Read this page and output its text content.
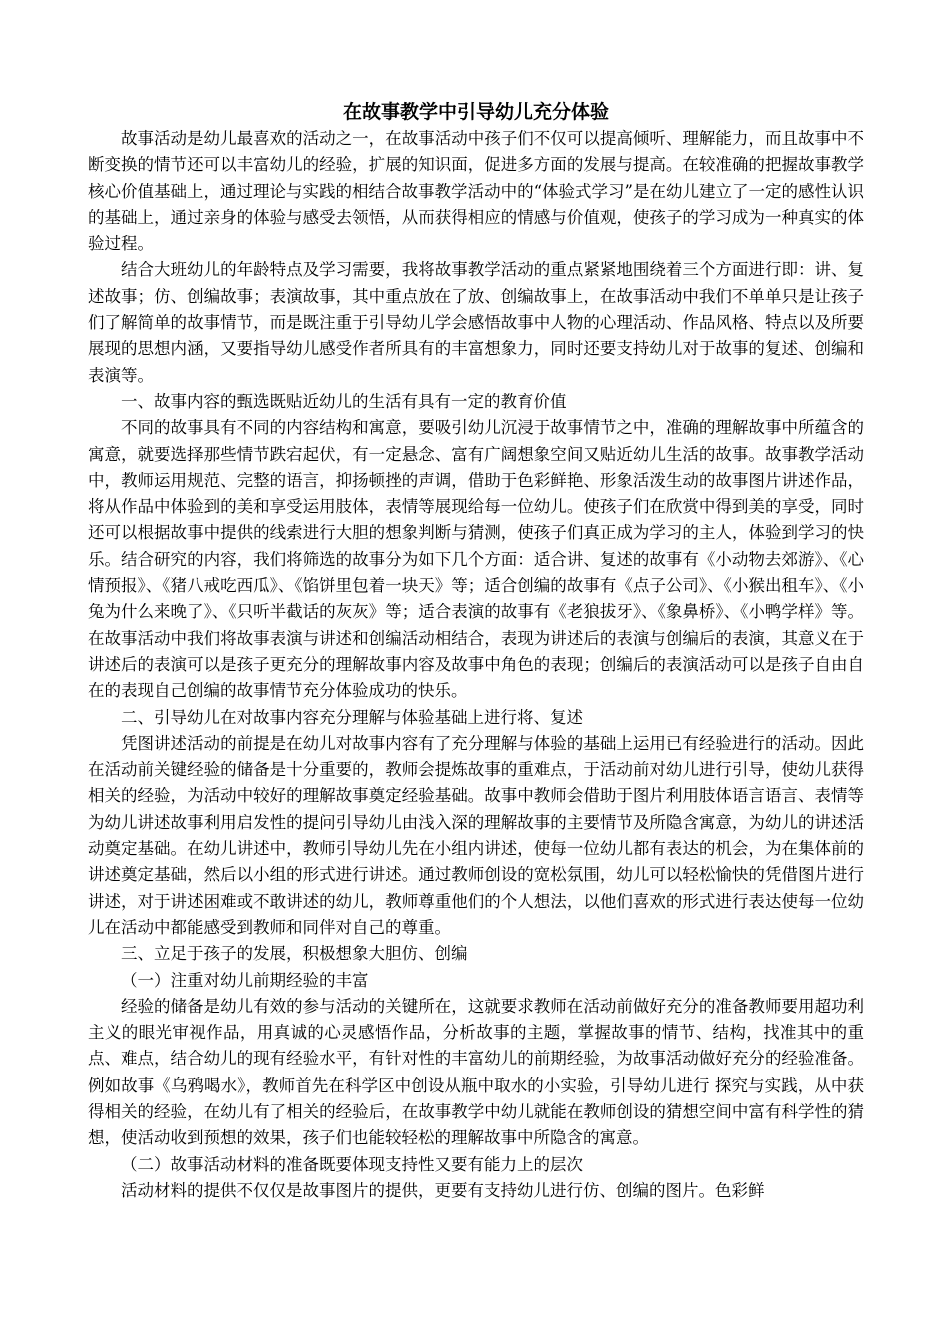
在故事教学中引导幼儿充分体验

故事活动是幼儿最喜欢的活动之一，在故事活动中孩子们不仅可以提高倾听、理解能力，而且故事中不断变换的情节还可以丰富幼儿的经验，扩展的知识面，促进多方面的发展与提高。在较准确的把握故事教学核心价值基础上，通过理论与实践的相结合故事教学活动中的“体验式学习”是在幼儿建立了一定的感性认识的基础上，通过亲身的体验与感受去领悟，从而获得相应的情感与价值观，使孩子的学习成为一种真实的体验过程。

结合大班幼儿的年龄特点及学习需要，我将故事教学活动的重点紧紧地围绕着三个方面进行即：讲、复述故事；仿、创编故事；表演故事，其中重点放在了放、创编故事上，在故事活动中我们不单单只是让孩子们了解简单的故事情节，而是既注重于引导幼儿学会感悟故事中人物的心理活动、作品风格、特点以及所要展现的思想内涵，又要指导幼儿感受作者所具有的丰富想象力，同时还要支持幼儿对于故事的复述、创编和表演等。

一、故事内容的甄选既贴近幼儿的生活有具有一定的教育价值

不同的故事具有不同的内容结构和寓意，要吸引幼儿沉浸于故事情节之中，准确的理解故事中所蕴含的寓意，就要选择那些情节跌宕起伏，有一定悬念、富有广阔想象空间又贴近幼儿生活的故事。故事教学活动中，教师运用规范、完整的语言，抑扬顿挫的声调，借助于色彩鲜艳、形象活泼生动的故事图片讲述作品，将从作品中体验到的美和享受运用肢体，表情等展现给每一位幼儿。使孩子们在欣赏中得到美的享受，同时还可以根据故事中提供的线索进行大胆的想象判断与猜测，使孩子们真正成为学习的主人，体验到学习的快乐。结合研究的内容，我们将筛选的故事分为如下几个方面：适合讲、复述的故事有《小动物去郊游》、《心情预报》、《猪八戒吃西瓜》、《馅饼里包着一块天》等；适合创编的故事有《点子公司》、《小猴出租车》、《小兔为什么来晚了》、《只听半截话的灰灰》等；适合表演的故事有《老狼拔牙》、《象鼻桥》、《小鸭学样》等。在故事活动中我们将故事表演与讲述和创编活动相结合，表现为讲述后的表演与创编后的表演，其意义在于讲述后的表演可以是孩子更充分的理解故事内容及故事中角色的表现；创编后的表演活动可以是孩子自由自在的表现自己创编的故事情节充分体验成功的快乐。

二、引导幼儿在对故事内容充分理解与体验基础上进行将、复述

凭图讲述活动的前提是在幼儿对故事内容有了充分理解与体验的基础上运用已有经验进行的活动。因此在活动前关键经验的储备是十分重要的，教师会提炼故事的重难点，于活动前对幼儿进行引导，使幼儿获得相关的经验，为活动中较好的理解故事奠定经验基础。故事中教师会借助于图片利用肢体语言语言、表情等为幼儿讲述故事利用启发性的提问引导幼儿由浅入深的理解故事的主要情节及所隐含寓意，为幼儿的讲述活动奠定基础。在幼儿讲述中，教师引导幼儿先在小组内讲述，使每一位幼儿都有表达的机会，为在集体前的讲述奠定基础，然后以小组的形式进行讲述。通过教师创设的宽松氛围，幼儿可以轻松愉快的凭借图片进行讲述，对于讲述困难或不敢讲述的幼儿，教师尊重他们的个人想法，以他们喜欢的形式进行表达使每一位幼儿在活动中都能感受到教师和同伴对自己的尊重。

三、立足于孩子的发展，积极想象大胆仿、创编

（一）注重对幼儿前期经验的丰富

经验的储备是幼儿有效的参与活动的关键所在，这就要求教师在活动前做好充分的准备教师要用超功利主义的眼光审视作品，用真诚的心灵感悟作品，分析故事的主题，掌握故事的情节、结构，找准其中的重点、难点，结合幼儿的现有经验水平，有针对性的丰富幼儿的前期经验，为故事活动做好充分的经验准备。例如故事《乌鸦喝水》，教师首先在科学区中创设从瓶中取水的小实验，引导幼儿进行 探究与实践，从中获得相关的经验，在幼儿有了相关的经验后，在故事教学中幼儿就能在教师创设的猜想空间中富有科学性的猜想，使活动收到预想的效果，孩子们也能较轻松的理解故事中所隐含的寓意。

（二）故事活动材料的准备既要体现支持性又要有能力上的层次

活动材料的提供不仅仅是故事图片的提供，更要有支持幼儿进行仿、创编的图片。色彩鲜
